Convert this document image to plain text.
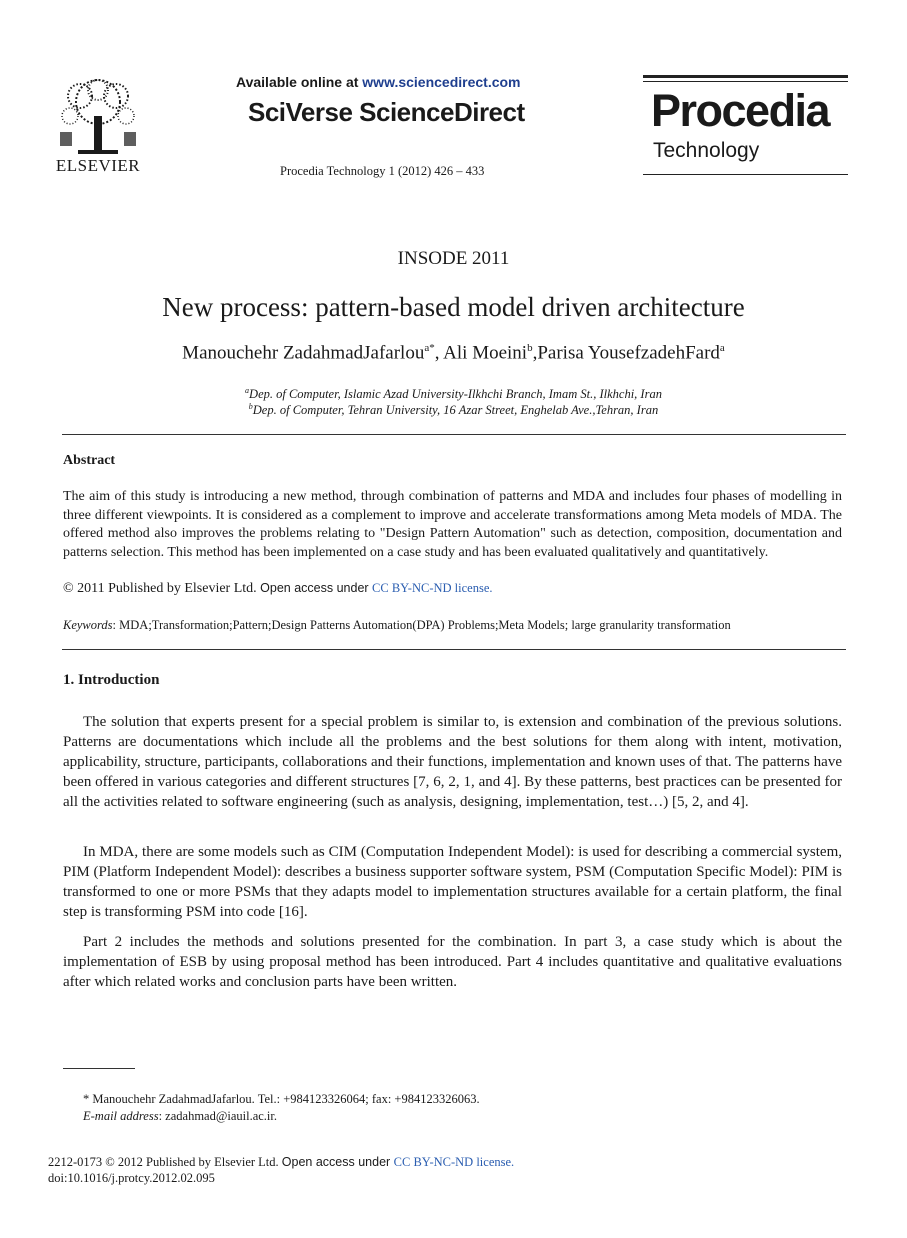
ELSEVIER
Available online at www.sciencedirect.com
SciVerse ScienceDirect
Procedia Technology 1 (2012) 426 – 433
Procedia
Technology
INSODE 2011
New process: pattern-based model driven architecture
Manouchehr ZadahmadJafarlou$^{a*}$, Ali Moeini$^b$,Parisa YousefzadehFard$^a$
$^a$Dep. of Computer, Islamic Azad University-Ilkhchi Branch, Imam St., Ilkhchi, Iran
$^b$Dep. of Computer, Tehran University, 16 Azar Street, Enghelab Ave.,Tehran, Iran
Abstract
The aim of this study is introducing a new method, through combination of patterns and MDA and includes four phases of modelling in three different viewpoints. It is considered as a complement to improve and accelerate transformations among Meta models of MDA. The offered method also improves the problems relating to "Design Pattern Automation" such as detection, composition, documentation and patterns selection. This method has been implemented on a case study and has been evaluated qualitatively and quantitatively.
© 2011 Published by Elsevier Ltd. Open access under CC BY-NC-ND license.
Keywords: MDA;Transformation;Pattern;Design Patterns Automation(DPA) Problems;Meta Models; large granularity transformation
1. Introduction

The solution that experts present for a special problem is similar to, is extension and combination of the previous solutions. Patterns are documentations which include all the problems and the best solutions for them along with intent, motivation, applicability, structure, participants, collaborations and their functions, implementation and known uses of that. The patterns have been offered in various categories and different structures [7, 6, 2, 1, and 4]. By these patterns, best practices can be presented for all the activities related to software engineering (such as analysis, designing, implementation, test…) [5, 2, and 4].

In MDA, there are some models such as CIM (Computation Independent Model): is used for describing a commercial system, PIM (Platform Independent Model): describes a business supporter software system, PSM (Computation Specific Model): PIM is transformed to one or more PSMs that they adapts model to implementation structures available for a certain platform, the final step is transforming PSM into code [16].

Part 2 includes the methods and solutions presented for the combination. In part 3, a case study which is about the implementation of ESB by using proposal method has been introduced. Part 4 includes quantitative and qualitative evaluations after which related works and conclusion parts have been written.

* Manouchehr ZadahmadJafarlou. Tel.: +984123326064; fax: +984123326063.
E-mail address: zadahmad@iauil.ac.ir.
2212-0173 © 2012 Published by Elsevier Ltd. Open access under CC BY-NC-ND license.
doi:10.1016/j.protcy.2012.02.095
